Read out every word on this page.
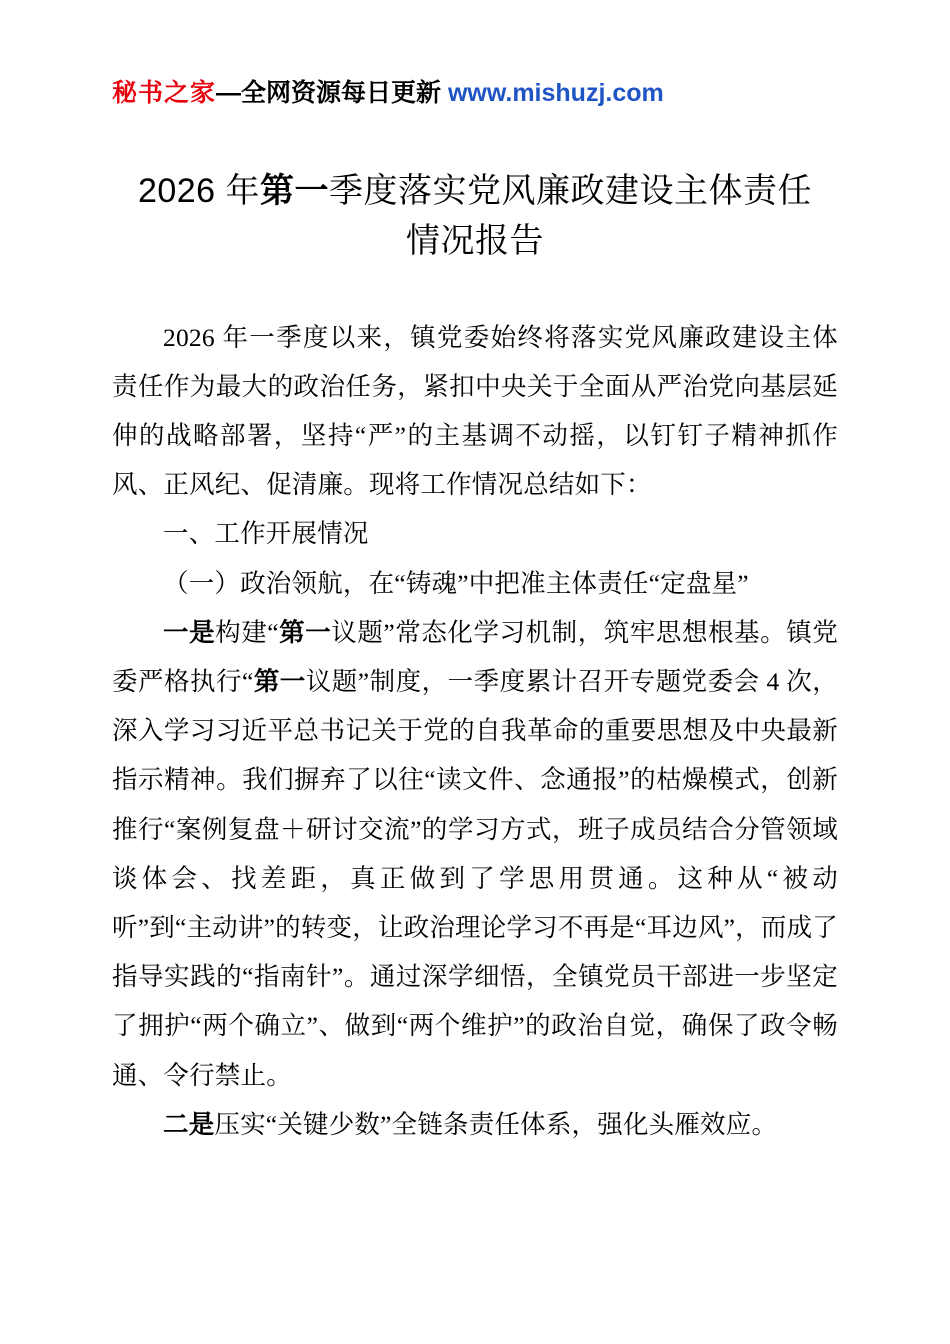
秘书之家—全网资源每日更新 www.mishuzj.com
2026 年第一季度落实党风廉政建设主体责任
情况报告

2026 年一季度以来，镇党委始终将落实党风廉政建设主体责任作为最大的政治任务，紧扣中央关于全面从严治党向基层延伸的战略部署，坚持“严”的主基调不动摇，以钉钉子精神抓作风、正风纪、促清廉。现将工作情况总结如下：

一、工作开展情况

（一）政治领航，在“铸魂”中把准主体责任“定盘星”

一是构建“第一议题”常态化学习机制，筑牢思想根基。镇党委严格执行“第一议题”制度，一季度累计召开专题党委会 4 次，深入学习习近平总书记关于党的自我革命的重要思想及中央最新指示精神。我们摒弃了以往“读文件、念通报”的枯燥模式，创新推行“案例复盘＋研讨交流”的学习方式，班子成员结合分管领域谈体会、找差距，真正做到了学思用贯通。这种从“被动听”到“主动讲”的转变，让政治理论学习不再是“耳边风”，而成了指导实践的“指南针”。通过深学细悟，全镇党员干部进一步坚定了拥护“两个确立”、做到“两个维护”的政治自觉，确保了政令畅通、令行禁止。

二是压实“关键少数”全链条责任体系，强化头雁效应。
